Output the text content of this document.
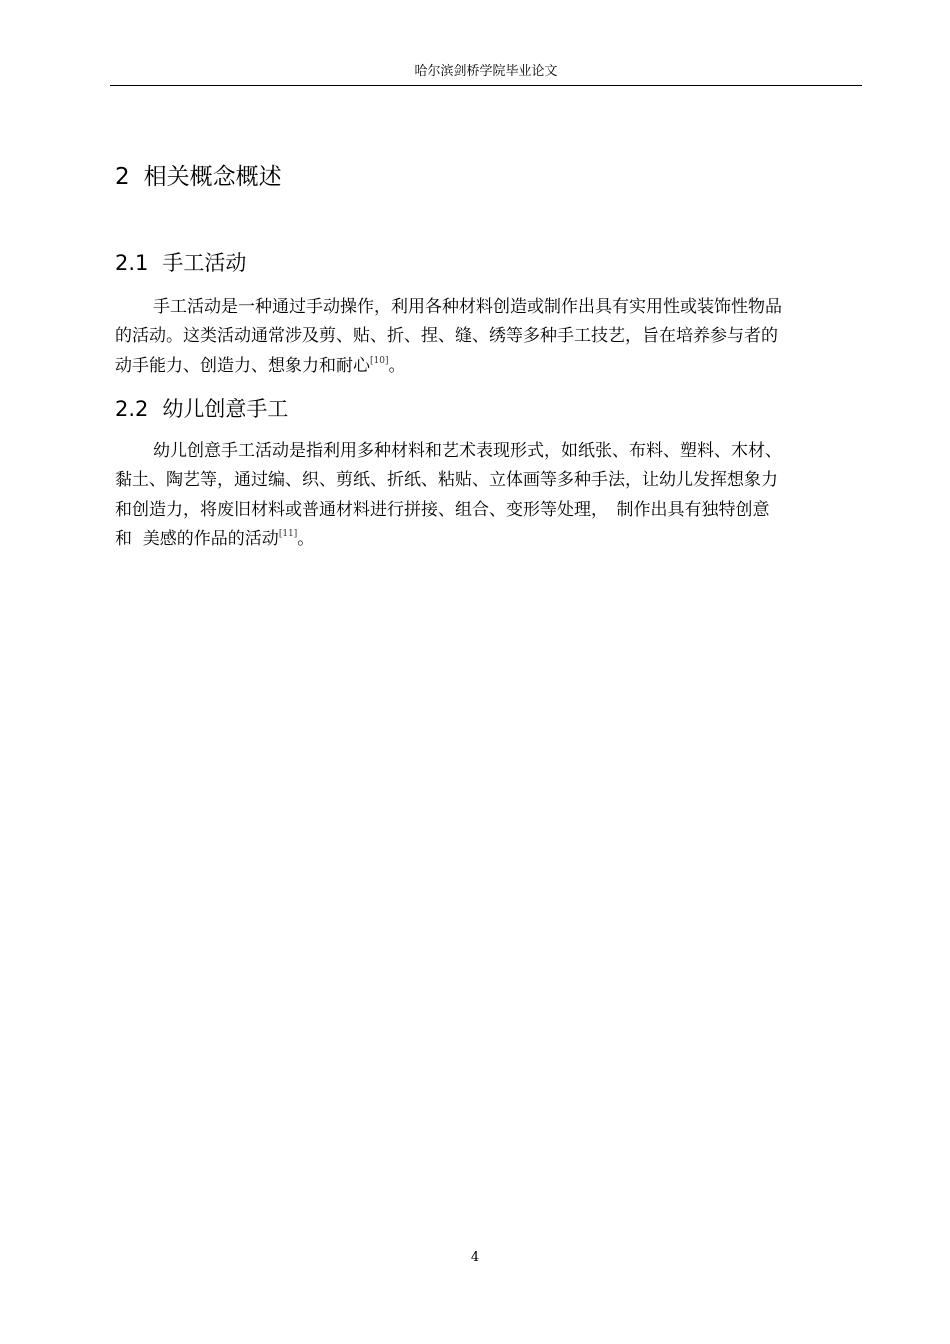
哈尔滨剑桥学院毕业论文
2 相关概念概述
2.1 手工活动
手工活动是一种通过手动操作，利用各种材料创造或制作出具有实用性或装饰性物品
的活动。这类活动通常涉及剪、贴、折、捏、缝、绣等多种手工技艺，旨在培养参与者的
动手能力、创造力、想象力和耐心[10]。
2.2 幼儿创意手工
幼儿创意手工活动是指利用多种材料和艺术表现形式，如纸张、布料、塑料、木材、
黏土、陶艺等，通过编、织、剪纸、折纸、粘贴、立体画等多种手法，让幼儿发挥想象力
和创造力，将废旧材料或普通材料进行拼接、组合、变形等处理，　制作出具有独特创意
和  美感的作品的活动[11]。
4
